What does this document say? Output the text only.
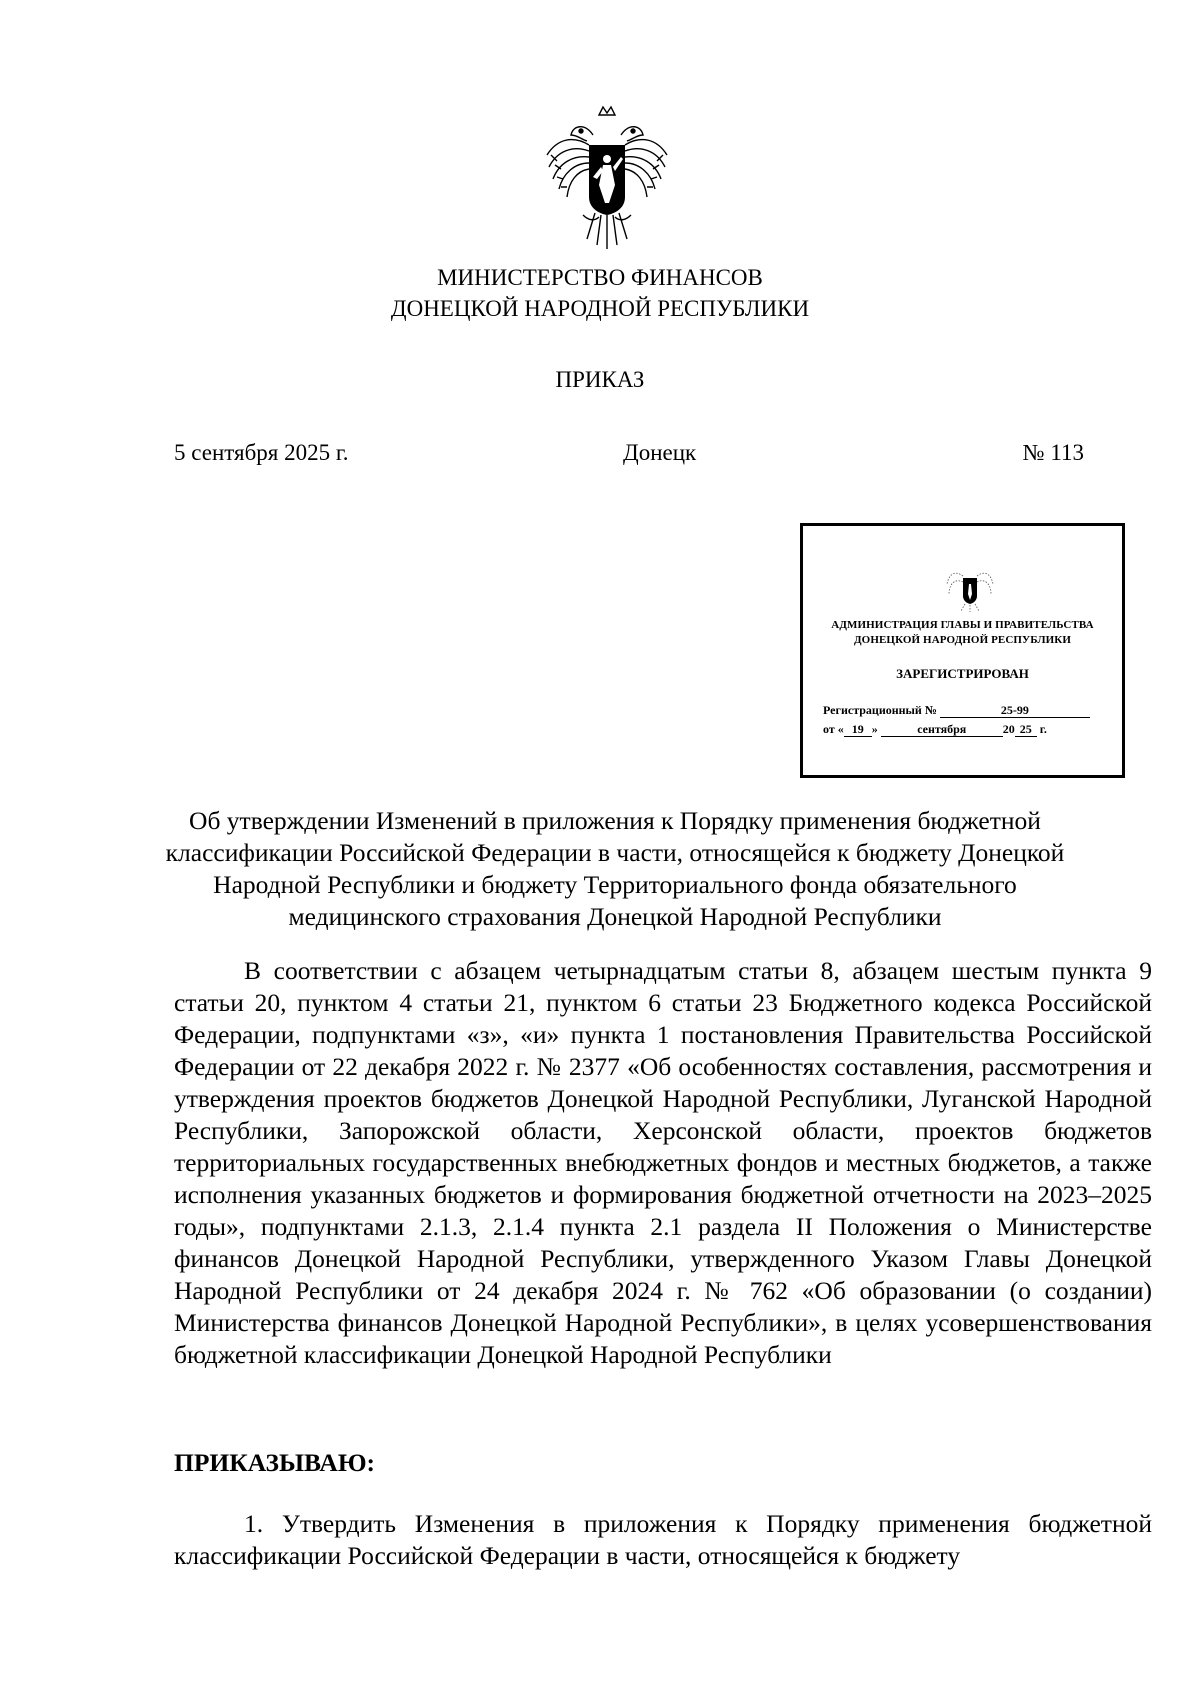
МИНИСТЕРСТВО ФИНАНСОВ
ДОНЕЦКОЙ НАРОДНОЙ РЕСПУБЛИКИ
ПРИКАЗ
5 сентября 2025 г.	Донецк	№ 113
АДМИНИСТРАЦИЯ ГЛАВЫ И ПРАВИТЕЛЬСТВА
ДОНЕЦКОЙ НАРОДНОЙ РЕСПУБЛИКИ
ЗАРЕГИСТРИРОВАН
Регистрационный №	25-99
от « 19 »	сентября	20 25 г.
Об утверждении Изменений в приложения к Порядку применения бюджетной классификации Российской Федерации в части, относящейся к бюджету Донецкой Народной Республики и бюджету Территориального фонда обязательного медицинского страхования Донецкой Народной Республики

В соответствии с абзацем четырнадцатым статьи 8, абзацем шестым пункта 9 статьи 20, пунктом 4 статьи 21, пунктом 6 статьи 23 Бюджетного кодекса Российской Федерации, подпунктами «з», «и» пункта 1 постановления Правительства Российской Федерации от 22 декабря 2022 г. № 2377 «Об особенностях составления, рассмотрения и утверждения проектов бюджетов Донецкой Народной Республики, Луганской Народной Республики, Запорожской области, Херсонской области, проектов бюджетов территориальных государственных внебюджетных фондов и местных бюджетов, а также исполнения указанных бюджетов и формирования бюджетной отчетности на 2023–2025 годы», подпунктами 2.1.3, 2.1.4 пункта 2.1 раздела II Положения о Министерстве финансов Донецкой Народной Республики, утвержденного Указом Главы Донецкой Народной Республики от 24 декабря 2024 г. № 762 «Об образовании (о создании) Министерства финансов Донецкой Народной Республики», в целях усовершенствования бюджетной классификации Донецкой Народной Республики

ПРИКАЗЫВАЮ:

1. Утвердить Изменения в приложения к Порядку применения бюджетной классификации Российской Федерации в части, относящейся к бюджету
